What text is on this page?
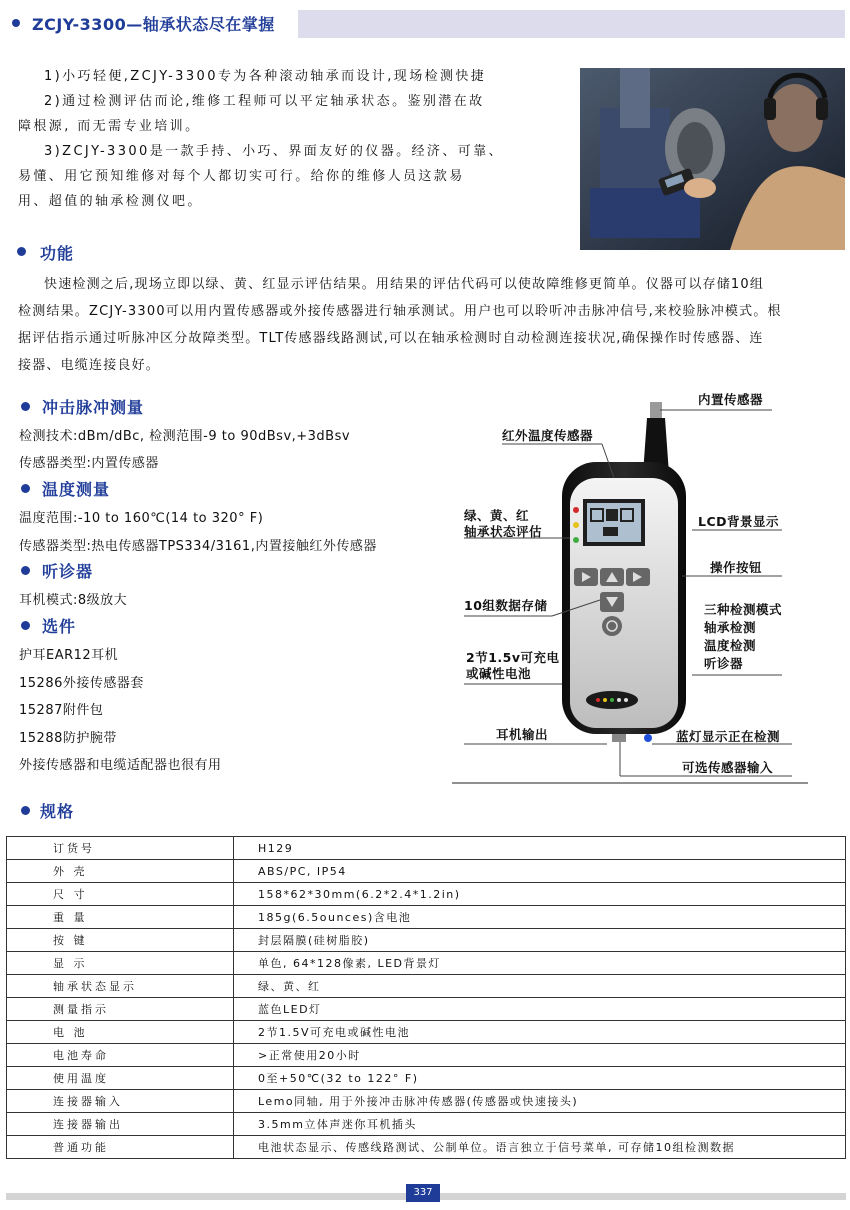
ZCJY-3300—轴承状态尽在掌握

1)小巧轻便,ZCJY-3300专为各种滚动轴承而设计,现场检测快捷

2)通过检测评估而论,维修工程师可以平定轴承状态。鉴别潜在故

障根源, 而无需专业培训。

3)ZCJY-3300是一款手持、小巧、界面友好的仪器。经济、可靠、

易懂、用它预知维修对每个人都切实可行。给你的维修人员这款易

用、超值的轴承检测仪吧。

功能

快速检测之后,现场立即以绿、黄、红显示评估结果。用结果的评估代码可以使故障维修更简单。仪器可以存储10组

检测结果。ZCJY-3300可以用内置传感器或外接传感器进行轴承测试。用户也可以聆听冲击脉冲信号,来校验脉冲模式。根

据评估指示通过听脉冲区分故障类型。TLT传感器线路测试,可以在轴承检测时自动检测连接状况,确保操作时传感器、连

接器、电缆连接良好。

冲击脉冲测量
检测技术:dBm/dBc, 检测范围-9 to 90dBsv,+3dBsv
传感器类型:内置传感器
温度测量
温度范围:-10 to 160℃(14 to 320° F)
传感器类型:热电传感器TPS334/3161,内置接触红外传感器
听诊器
耳机模式:8级放大
选件
护耳EAR12耳机
15286外接传感器套
15287附件包
15288防护腕带
外接传感器和电缆适配器也很有用
内置传感器
红外温度传感器
绿、黄、红
轴承状态评估
LCD背景显示
操作按钮
10组数据存储	三种检测模式
轴承检测
温度检测
听诊器
2节1.5v可充电
或碱性电池
耳机输出	蓝灯显示正在检测
可选传感器输入
规格
订货号	H129
外 壳	ABS/PC, IP54
尺 寸	158*62*30mm(6.2*2.4*1.2in)
重 量	185g(6.5ounces)含电池
按 键	封层隔膜(硅树脂胶)
显 示	单色, 64*128像素, LED背景灯
轴承状态显示	绿、黄、红
测量指示	蓝色LED灯
电 池	2节1.5V可充电或碱性电池
电池寿命	>正常使用20小时
使用温度	0至+50℃(32 to 122° F)
连接器输入	Lemo同轴, 用于外接冲击脉冲传感器(传感器或快速接头)
连接器输出	3.5mm立体声迷你耳机插头
普通功能	电池状态显示、传感线路测试、公制单位。语言独立于信号菜单, 可存储10组检测数据
337
